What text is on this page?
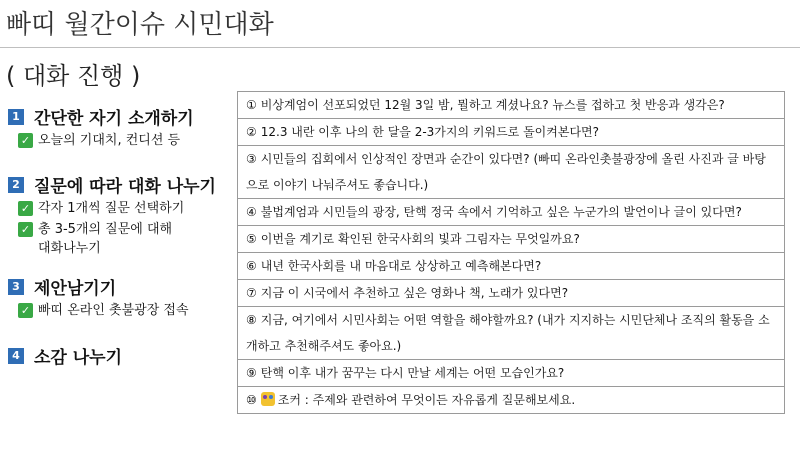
빠띠 월간이슈 시민대화
( 대화 진행 )
1 간단한 자기 소개하기
✓ 오늘의 기대치, 컨디션 등
2 질문에 따라 대화 나누기
✓ 각자 1개씩 질문 선택하기
✓ 총 3-5개의 질문에 대해 대화나누기
3 제안남기기
✓ 빠띠 온라인 촛불광장 접속
4 소감 나누기
① 비상계엄이 선포되었던 12월 3일 밤, 뭘하고 계셨나요? 뉴스를 접하고 첫 반응과 생각은?
② 12.3 내란 이후 나의 한 달을 2-3가지의 키워드로 돌이켜본다면?
③ 시민들의 집회에서 인상적인 장면과 순간이 있다면? (빠띠 온라인촛불광장에 올린 사진과 글 바탕으로 이야기 나눠주셔도 좋습니다.)
④ 불법계엄과 시민들의 광장, 탄핵 정국 속에서 기억하고 싶은 누군가의 발언이나 글이 있다면?
⑤ 이번을 계기로 확인된 한국사회의 빛과 그림자는 무엇일까요?
⑥ 내년 한국사회를 내 마음대로 상상하고 예측해본다면?
⑦ 지금 이 시국에서 추천하고 싶은 영화나 책, 노래가 있다면?
⑧ 지금, 여기에서 시민사회는 어떤 역할을 해야할까요? (내가 지지하는 시민단체나 조직의 활동을 소개하고 추천해주셔도 좋아요.)
⑨ 탄핵 이후 내가 꿈꾸는 다시 만날 세계는 어떤 모습인가요?
⑩ 조커 : 주제와 관련하여 무엇이든 자유롭게 질문해보세요.
